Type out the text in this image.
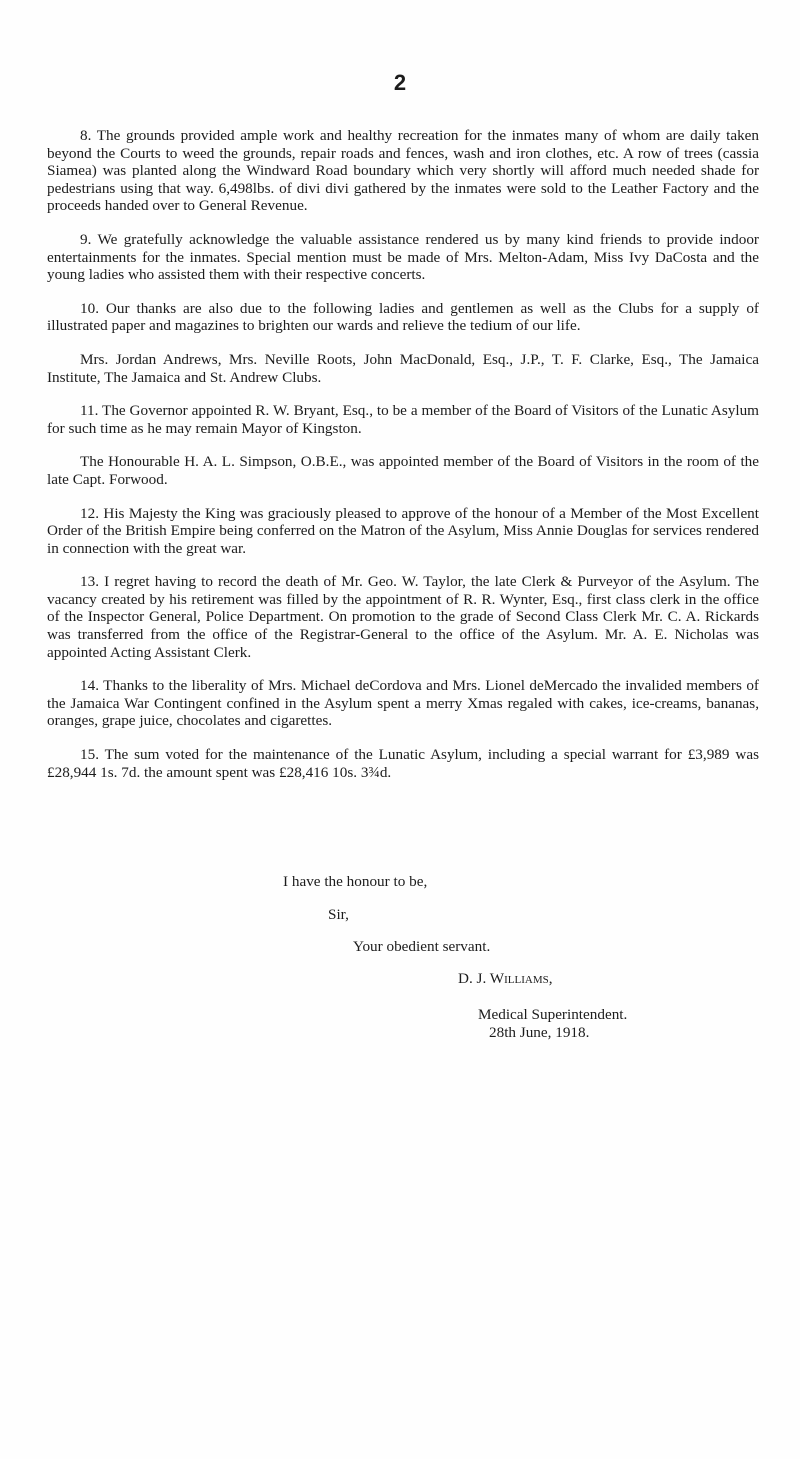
2

8. The grounds provided ample work and healthy recreation for the inmates many of whom are daily taken beyond the Courts to weed the grounds, repair roads and fences, wash and iron clothes, etc. A row of trees (cassia Siamea) was planted along the Windward Road boundary which very shortly will afford much needed shade for pedestrians using that way. 6,498lbs. of divi divi gathered by the inmates were sold to the Leather Factory and the proceeds handed over to General Revenue.

9. We gratefully acknowledge the valuable assistance rendered us by many kind friends to provide indoor entertainments for the inmates. Special mention must be made of Mrs. Melton-Adam, Miss Ivy DaCosta and the young ladies who assisted them with their respective concerts.

10. Our thanks are also due to the following ladies and gentlemen as well as the Clubs for a supply of illustrated paper and magazines to brighten our wards and relieve the tedium of our life.

Mrs. Jordan Andrews, Mrs. Neville Roots, John MacDonald, Esq., J.P., T. F. Clarke, Esq., The Jamaica Institute, The Jamaica and St. Andrew Clubs.

11. The Governor appointed R. W. Bryant, Esq., to be a member of the Board of Visitors of the Lunatic Asylum for such time as he may remain Mayor of Kingston.

The Honourable H. A. L. Simpson, O.B.E., was appointed member of the Board of Visitors in the room of the late Capt. Forwood.

12. His Majesty the King was graciously pleased to approve of the honour of a Member of the Most Excellent Order of the British Empire being conferred on the Matron of the Asylum, Miss Annie Douglas for services rendered in connection with the great war.

13. I regret having to record the death of Mr. Geo. W. Taylor, the late Clerk & Purveyor of the Asylum. The vacancy created by his retirement was filled by the appointment of R. R. Wynter, Esq., first class clerk in the office of the Inspector General, Police Department. On promotion to the grade of Second Class Clerk Mr. C. A. Rickards was transferred from the office of the Registrar-General to the office of the Asylum. Mr. A. E. Nicholas was appointed Acting Assistant Clerk.

14. Thanks to the liberality of Mrs. Michael deCordova and Mrs. Lionel deMercado the invalided members of the Jamaica War Contingent confined in the Asylum spent a merry Xmas regaled with cakes, ice-creams, bananas, oranges, grape juice, chocolates and cigarettes.

15. The sum voted for the maintenance of the Lunatic Asylum, including a special warrant for £3,989 was £28,944 1s. 7d. the amount spent was £28,416 10s. 3¾d.

I have the honour to be,
Sir,
Your obedient servant.
D. J. Williams,
Medical Superintendent.
28th June, 1918.
